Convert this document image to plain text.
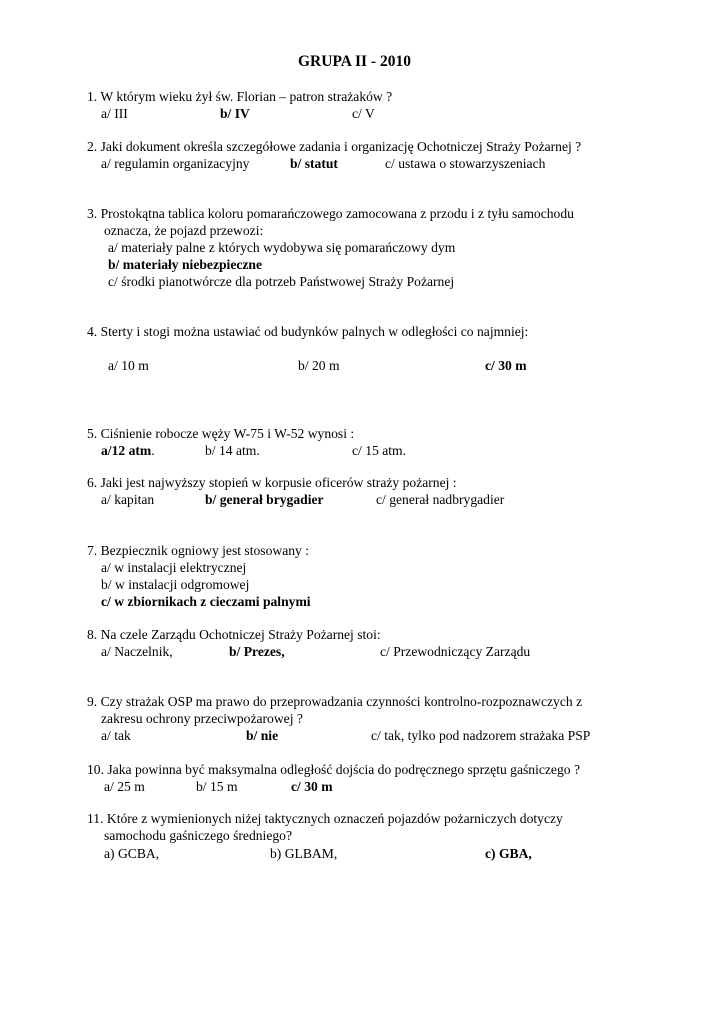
GRUPA II - 2010
1. W którym wieku żył św. Florian – patron strażaków ?
a/ III	b/ IV	c/ V
2. Jaki dokument określa szczegółowe zadania i organizację Ochotniczej Straży Pożarnej ?
a/ regulamin organizacyjny	b/ statut	c/ ustawa o stowarzyszeniach
3. Prostokątna tablica koloru pomarańczowego zamocowana z przodu i z tyłu samochodu
oznacza, że pojazd przewozi:
a/ materiały palne z których wydobywa się pomarańczowy dym
b/ materiały niebezpieczne
c/ środki pianotwórcze dla potrzeb Państwowej Straży Pożarnej
4. Sterty i stogi można ustawiać od budynków palnych w odległości co najmniej:
a/ 10 m	b/ 20 m	c/ 30 m
5. Ciśnienie robocze węży W-75 i W-52 wynosi :
a/12 atm.	b/ 14 atm.	c/ 15 atm.
6. Jaki jest najwyższy stopień w korpusie oficerów straży pożarnej :
a/ kapitan	b/ generał brygadier	c/ generał nadbrygadier
7. Bezpiecznik ogniowy jest stosowany :
a/ w instalacji elektrycznej
b/ w instalacji odgromowej
c/ w zbiornikach z cieczami palnymi
8. Na czele Zarządu Ochotniczej Straży Pożarnej stoi:
a/ Naczelnik,	b/ Prezes,	c/ Przewodniczący Zarządu
9. Czy strażak OSP ma prawo do przeprowadzania czynności kontrolno-rozpoznawczych z
zakresu ochrony przeciwpożarowej ?
a/ tak	b/ nie	c/ tak, tylko pod nadzorem strażaka PSP
10. Jaka powinna być maksymalna odległość dojścia do podręcznego sprzętu gaśniczego ?
a/ 25 m	b/ 15 m	c/ 30 m
11. Które z wymienionych niżej taktycznych oznaczeń pojazdów pożarniczych dotyczy
samochodu gaśniczego średniego?
a) GCBA,	b) GLBAM,	c) GBA,
